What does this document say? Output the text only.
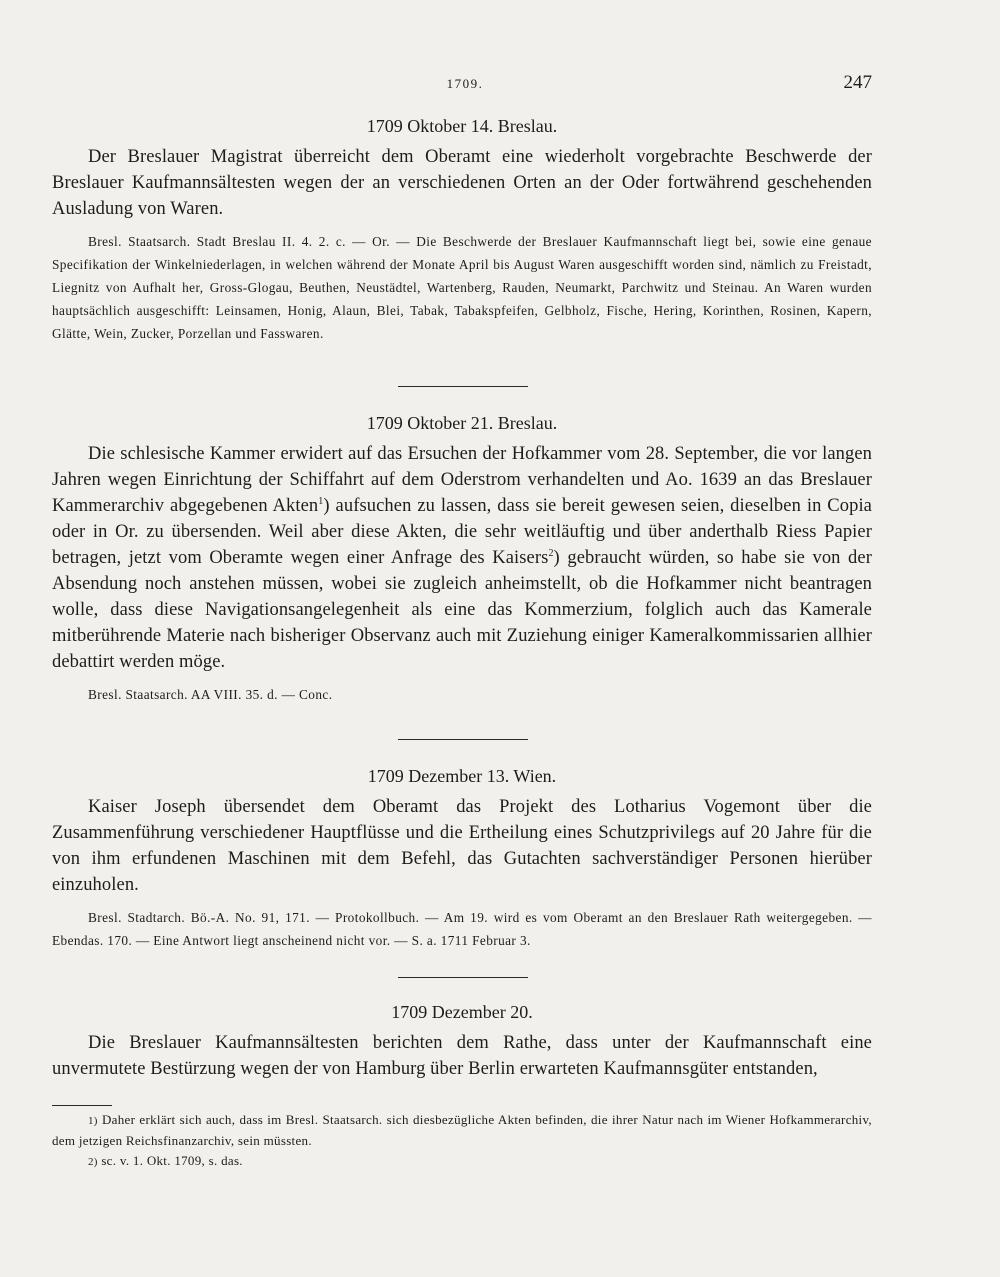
1709.	247
1709 Oktober 14. Breslau.

Der Breslauer Magistrat überreicht dem Oberamt eine wiederholt vorgebrachte Beschwerde der Breslauer Kaufmannsältesten wegen der an verschiedenen Orten an der Oder fortwährend geschehenden Ausladung von Waren.

Bresl. Staatsarch. Stadt Breslau II. 4. 2. c. — Or. — Die Beschwerde der Breslauer Kaufmannschaft liegt bei, sowie eine genaue Specifikation der Winkelniederlagen, in welchen während der Monate April bis August Waren ausgeschifft worden sind, nämlich zu Freistadt, Liegnitz von Aufhalt her, Gross-Glogau, Beuthen, Neustädtel, Wartenberg, Rauden, Neumarkt, Parchwitz und Steinau. An Waren wurden hauptsächlich ausgeschifft: Leinsamen, Honig, Alaun, Blei, Tabak, Tabakspfeifen, Gelbholz, Fische, Hering, Korinthen, Rosinen, Kapern, Glätte, Wein, Zucker, Porzellan und Fasswaren.

1709 Oktober 21. Breslau.

Die schlesische Kammer erwidert auf das Ersuchen der Hofkammer vom 28. September, die vor langen Jahren wegen Einrichtung der Schiffahrt auf dem Oderstrom verhandelten und Ao. 1639 an das Breslauer Kammerarchiv abgegebenen Akten$^1$) aufsuchen zu lassen, dass sie bereit gewesen seien, dieselben in Copia oder in Or. zu übersenden. Weil aber diese Akten, die sehr weitläuftig und über anderthalb Riess Papier betragen, jetzt vom Oberamte wegen einer Anfrage des Kaisers$^2$) gebraucht würden, so habe sie von der Absendung noch anstehen müssen, wobei sie zugleich anheimstellt, ob die Hofkammer nicht beantragen wolle, dass diese Navigationsangelegenheit als eine das Kommerzium, folglich auch das Kamerale mitberührende Materie nach bisheriger Observanz auch mit Zuziehung einiger Kameralkommissarien allhier debattirt werden möge.

Bresl. Staatsarch. AA VIII. 35. d. — Conc.

1709 Dezember 13. Wien.

Kaiser Joseph übersendet dem Oberamt das Projekt des Lotharius Vogemont über die Zusammenführung verschiedener Hauptflüsse und die Ertheilung eines Schutzprivilegs auf 20 Jahre für die von ihm erfundenen Maschinen mit dem Befehl, das Gutachten sachverständiger Personen hierüber einzuholen.

Bresl. Stadtarch. Bö.-A. No. 91, 171. — Protokollbuch. — Am 19. wird es vom Oberamt an den Breslauer Rath weitergegeben. — Ebendas. 170. — Eine Antwort liegt anscheinend nicht vor. — S. a. 1711 Februar 3.

1709 Dezember 20.

Die Breslauer Kaufmannsältesten berichten dem Rathe, dass unter der Kaufmannschaft eine unvermutete Bestürzung wegen der von Hamburg über Berlin erwarteten Kaufmannsgüter entstanden,

1) Daher erklärt sich auch, dass im Bresl. Staatsarch. sich diesbezügliche Akten befinden, die ihrer Natur nach im Wiener Hofkammerarchiv, dem jetzigen Reichsfinanzarchiv, sein müssten.

2) sc. v. 1. Okt. 1709, s. das.
